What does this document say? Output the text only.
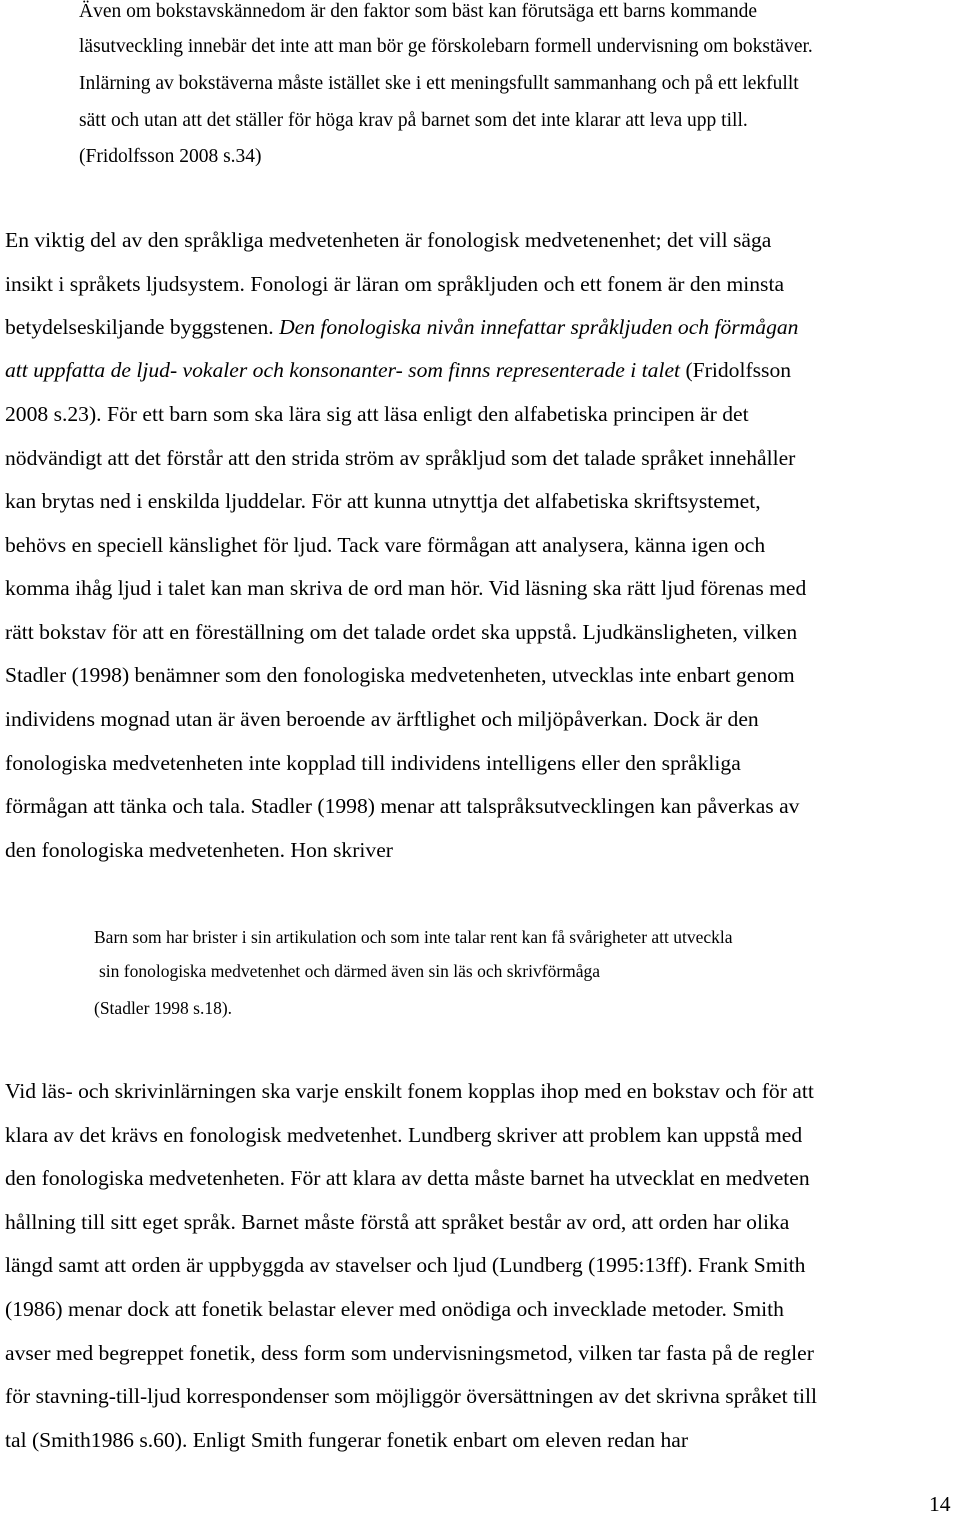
Även om bokstavskännedom är den faktor som bäst kan förutsäga ett barns kommande
läsutveckling innebär det inte att man bör ge förskolebarn formell undervisning om bokstäver.
Inlärning av bokstäverna måste istället ske i ett meningsfullt sammanhang och på ett lekfullt
sätt och utan att det ställer för höga krav på barnet som det inte klarar att leva upp till.
(Fridolfsson 2008 s.34)
En viktig del av den språkliga medvetenheten är fonologisk medvetenenhet; det vill säga
insikt i språkets ljudsystem. Fonologi är läran om språkljuden och ett fonem är den minsta
betydelseskiljande byggstenen. Den fonologiska nivån innefattar språkljuden och förmågan
att uppfatta de ljud- vokaler och konsonanter- som finns representerade i talet (Fridolfsson
2008 s.23). För ett barn som ska lära sig att läsa enligt den alfabetiska principen är det
nödvändigt att det förstår att den strida ström av språkljud som det talade språket innehåller
kan brytas ned i enskilda ljuddelar. För att kunna utnyttja det alfabetiska skriftsystemet,
behövs en speciell känslighet för ljud. Tack vare förmågan att analysera, känna igen och
komma ihåg ljud i talet kan man skriva de ord man hör. Vid läsning ska rätt ljud förenas med
rätt bokstav för att en föreställning om det talade ordet ska uppstå. Ljudkänsligheten, vilken
Stadler (1998) benämner som den fonologiska medvetenheten, utvecklas inte enbart genom
individens mognad utan är även beroende av ärftlighet och miljöpåverkan. Dock är den
fonologiska medvetenheten inte kopplad till individens intelligens eller den språkliga
förmågan att tänka och tala. Stadler (1998) menar att talspråksutvecklingen kan påverkas av
den fonologiska medvetenheten. Hon skriver
Barn som har brister i sin artikulation och som inte talar rent kan få svårigheter att utveckla
sin fonologiska medvetenhet och därmed även sin läs och skrivförmåga
(Stadler 1998 s.18).
Vid läs- och skrivinlärningen ska varje enskilt fonem kopplas ihop med en bokstav och för att
klara av det krävs en fonologisk medvetenhet. Lundberg skriver att problem kan uppstå med
den fonologiska medvetenheten. För att klara av detta måste barnet ha utvecklat en medveten
hållning till sitt eget språk. Barnet måste förstå att språket består av ord, att orden har olika
längd samt att orden är uppbyggda av stavelser och ljud (Lundberg (1995:13ff). Frank Smith
(1986) menar dock att fonetik belastar elever med onödiga och invecklade metoder. Smith
avser med begreppet fonetik, dess form som undervisningsmetod, vilken tar fasta på de regler
för stavning-till-ljud korrespondenser som möjliggör översättningen av det skrivna språket till
tal (Smith1986 s.60). Enligt Smith fungerar fonetik enbart om eleven redan har
14
